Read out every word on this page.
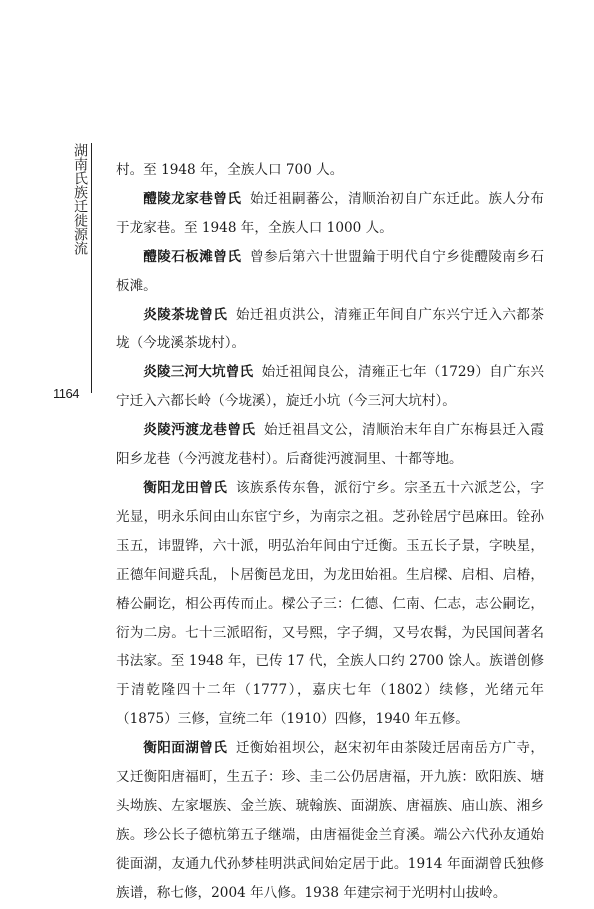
湖南氏族迁徙源流
1164

村。至 1948 年，全族人口 700 人。

醴陵龙家巷曾氏 始迁祖嗣蕃公，清顺治初自广东迁此。族人分布于龙家巷。至 1948 年，全族人口 1000 人。

醴陵石板滩曾氏 曾参后第六十世盟錀于明代自宁乡徙醴陵南乡石板滩。

炎陵茶垅曾氏 始迁祖贞洪公，清雍正年间自广东兴宁迁入六都茶垅（今垅溪茶垅村）。

炎陵三河大坑曾氏 始迁祖闻良公，清雍正七年（1729）自广东兴宁迁入六都长岭（今垅溪），旋迁小坑（今三河大坑村）。

炎陵沔渡龙巷曾氏 始迁祖昌文公，清顺治末年自广东梅县迁入霞阳乡龙巷（今沔渡龙巷村）。后裔徙沔渡洞里、十都等地。

衡阳龙田曾氏 该族系传东鲁，派衍宁乡。宗圣五十六派芝公，字光显，明永乐间由山东宦宁乡，为南宗之祖。芝孙铨居宁邑麻田。铨孙玉五，讳盟铧，六十派，明弘治年间由宁迁衡。玉五长子景，字映星，正德年间避兵乱，卜居衡邑龙田，为龙田始祖。生启樑、启相、启椿，椿公嗣讫，相公再传而止。樑公子三：仁德、仁南、仁志，志公嗣讫，衍为二房。七十三派昭衔，又号熙，字子绸，又号农髯，为民国间著名书法家。至 1948 年，已传 17 代，全族人口约 2700 馀人。族谱创修于清乾隆四十二年（1777），嘉庆七年（1802）续修，光绪元年（1875）三修，宣统二年（1910）四修，1940 年五修。

衡阳面湖曾氏 迁衡始祖坝公，赵宋初年由茶陵迁居南岳方广寺，又迁衡阳唐福町，生五子：珍、圭二公仍居唐福，开九族：欧阳族、塘头坳族、左家堰族、金兰族、琥翰族、面湖族、唐福族、庙山族、湘乡族。珍公长子德杭第五子继端，由唐福徙金兰育溪。端公六代孙友通始徙面湖，友通九代孙梦桂明洪武间始定居于此。1914 年面湖曾氏独修族谱，称七修，2004 年八修。1938 年建宗祠于光明村山拔岭。
